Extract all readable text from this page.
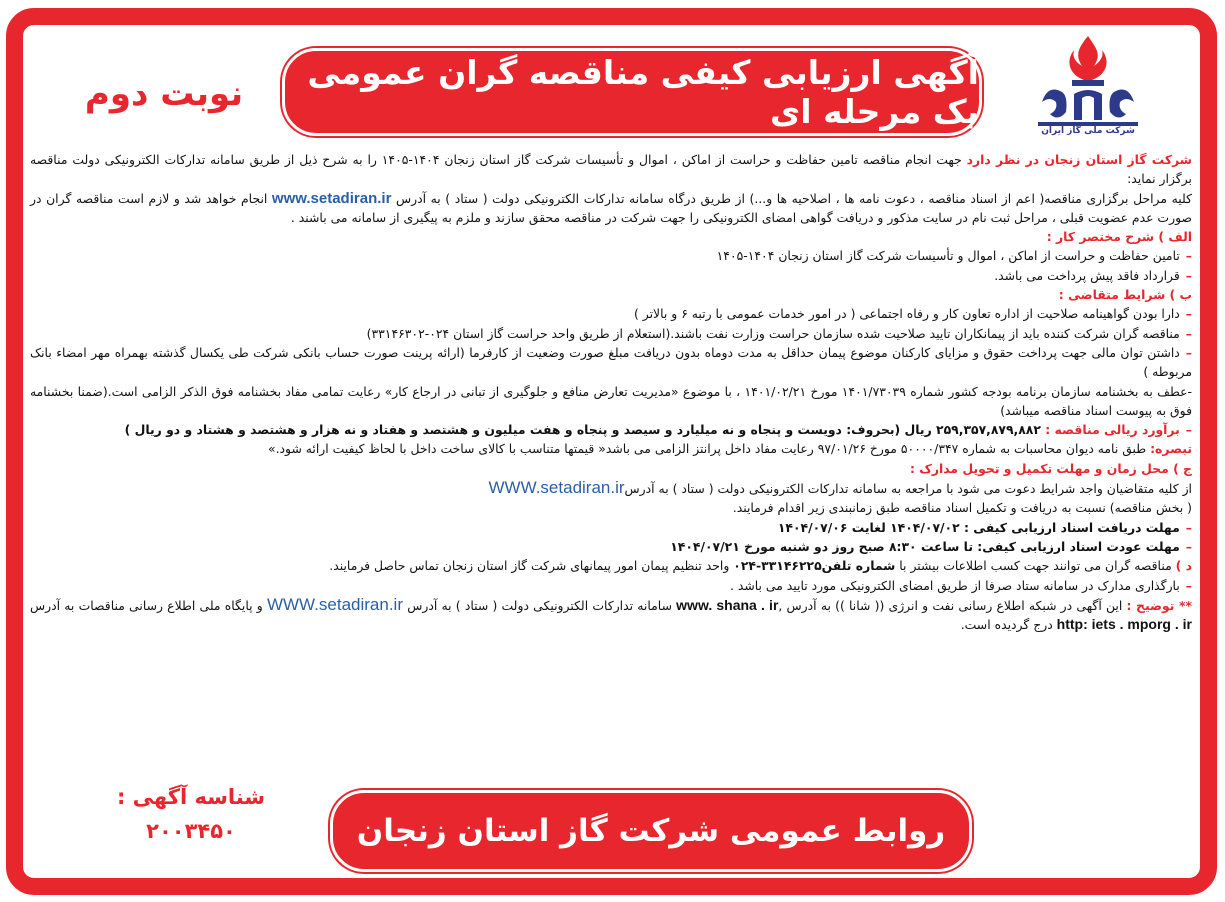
شرکت ملی گاز ایران
آگهی ارزیابی کیفی مناقصه گران عمومی یک مرحله ای
نوبت دوم

شرکت گاز استان زنجان در نظر دارد جهت انجام مناقصه تامین حفاظت و حراست از اماکن ، اموال و تأسیسات شرکت گاز استان زنجان ۱۴۰۴-۱۴۰۵ را به شرح ذیل از طریق سامانه تدارکات الکترونیکی دولت مناقصه برگزار نماید:

کلیه مراحل برگزاری مناقصه( اعم از اسناد مناقصه ، دعوت نامه ها ، اصلاحیه ها و...) از طریق درگاه سامانه تدارکات الکترونیکی دولت ( ستاد ) به آدرس www.setadiran.ir انجام خواهد شد و لازم است مناقصه گران در صورت عدم عضویت قبلی ، مراحل ثبت نام در سایت مذکور و دریافت گواهی امضای الکترونیکی را جهت شرکت در مناقصه محقق سازند و ملزم به پیگیری از سامانه می باشند .

الف ) شرح مختصر کار :

–تامین حفاظت و حراست از اماکن ، اموال و تأسیسات شرکت گاز استان زنجان ۱۴۰۴-۱۴۰۵

–قرارداد فاقد پیش پرداخت می باشد.

ب ) شرایط متقاضی :

–دارا بودن گواهینامه صلاحیت از اداره تعاون کار و رفاه اجتماعی ( در امور خدمات عمومی با رتبه ۶ و بالاتر )

–مناقصه گران شرکت کننده باید از پیمانکاران تایید صلاحیت شده سازمان حراست وزارت نفت باشند.(استعلام از طریق واحد حراست گاز استان ۰۲۴-۳۳۱۴۶۳۰۲)

–داشتن توان مالی جهت پرداخت حقوق و مزایای کارکنان موضوع پیمان حداقل به مدت دوماه بدون دریافت مبلغ صورت وضعیت از کارفرما (ارائه پرینت صورت حساب بانکی شرکت طی یکسال گذشته بهمراه مهر امضاء بانک مربوطه )

-عطف به بخشنامه سازمان برنامه بودجه کشور شماره ۱۴۰۱/۷۳۰۳۹ مورخ ۱۴۰۱/۰۲/۲۱ ، با موضوع «مدیریت تعارض منافع و جلوگیری از تبانی در ارجاع کار» رعایت تمامی مفاد بخشنامه فوق الذکر الزامی است.(ضمنا بخشنامه فوق به پیوست اسناد مناقصه میباشد)

–برآورد ریالی مناقصه : ۲۵۹,۳۵۷,۸۷۹,۸۸۲ ریال (بحروف: دویست و پنجاه و نه میلیارد و سیصد و پنجاه و هفت میلیون و هشتصد و هفتاد و نه هزار و هشتصد و هشتاد و دو ریال )

تبصره: طبق نامه دیوان محاسبات به شماره ۵۰۰۰۰/۳۴۷ مورخ ۹۷/۰۱/۲۶ رعایت مفاد داخل پرانتز الزامی می باشد« قیمتها متناسب با کالای ساخت داخل با لحاظ کیفیت ارائه شود.»

ج ) محل زمان و مهلت تکمیل و تحویل مدارک :

از کلیه متقاضیان واجد شرایط دعوت می شود با مراجعه به سامانه تدارکات الکترونیکی دولت ( ستاد ) به آدرسWWW.setadiran.ir

( بخش مناقصه) نسبت به دریافت و تکمیل اسناد مناقصه طبق زمانبندی زیر اقدام فرمایند.

–مهلت دریافت اسناد ارزیابی کیفی : ۱۴۰۴/۰۷/۰۲ لغایت ۱۴۰۴/۰۷/۰۶

–مهلت عودت اسناد ارزیابی کیفی: تا ساعت ۸:۳۰ صبح روز دو شنبه مورخ ۱۴۰۴/۰۷/۲۱

د ) مناقصه گران می توانند جهت کسب اطلاعات بیشتر با شماره تلفن۳۳۱۴۶۲۲۵-۰۲۴ واحد تنظیم پیمان امور پیمانهای شرکت گاز استان زنجان تماس حاصل فرمایند.

–بارگذاری مدارک در سامانه ستاد صرفا از طریق امضای الکترونیکی مورد تایید می باشد .

** توضیح : این آگهی در شبکه اطلاع رسانی نفت و انرژی (( شانا )) به آدرس ,www. shana . ir سامانه تدارکات الکترونیکی دولت ( ستاد ) به آدرس WWW.setadiran.ir و پایگاه ملی اطلاع رسانی مناقصات به آدرس http: iets . mporg . ir درج گردیده است.

شناسه آگهی :
۲۰۰۳۴۵۰	روابط عمومی شرکت گاز استان زنجان
